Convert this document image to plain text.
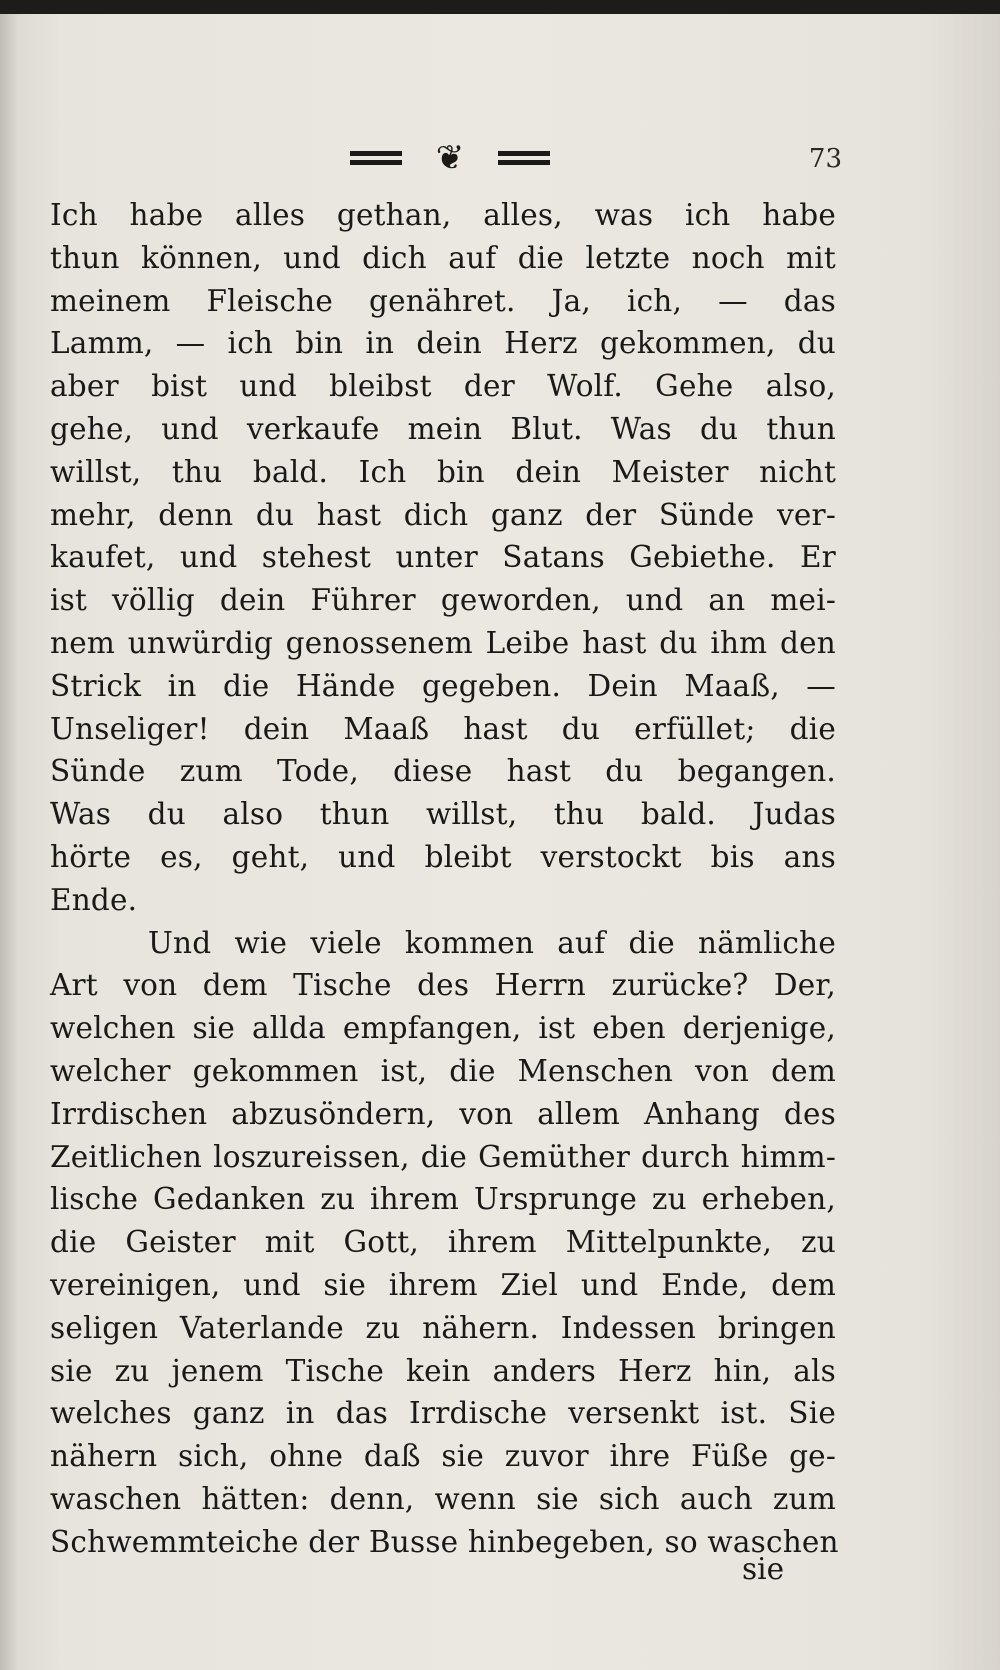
❦	73
Ich habe alles gethan, alles, was ich habe
thun können, und dich auf die letzte noch mit
meinem Fleische genähret. Ja, ich, — das
Lamm, — ich bin in dein Herz gekommen, du
aber bist und bleibst der Wolf. Gehe also,
gehe, und verkaufe mein Blut. Was du thun
willst, thu bald. Ich bin dein Meister nicht
mehr, denn du hast dich ganz der Sünde ver-
kaufet, und stehest unter Satans Gebiethe. Er
ist völlig dein Führer geworden, und an mei-
nem unwürdig genossenem Leibe hast du ihm den
Strick in die Hände gegeben. Dein Maaß, —
Unseliger! dein Maaß hast du erfüllet; die
Sünde zum Tode, diese hast du begangen.
Was du also thun willst, thu bald. Judas
hörte es, geht, und bleibt verstockt bis ans
Ende.
Und wie viele kommen auf die nämliche
Art von dem Tische des Herrn zurücke? Der,
welchen sie allda empfangen, ist eben derjenige,
welcher gekommen ist, die Menschen von dem
Irrdischen abzusöndern, von allem Anhang des
Zeitlichen loszureissen, die Gemüther durch himm-
lische Gedanken zu ihrem Ursprunge zu erheben,
die Geister mit Gott, ihrem Mittelpunkte, zu
vereinigen, und sie ihrem Ziel und Ende, dem
seligen Vaterlande zu nähern. Indessen bringen
sie zu jenem Tische kein anders Herz hin, als
welches ganz in das Irrdische versenkt ist. Sie
nähern sich, ohne daß sie zuvor ihre Füße ge-
waschen hätten: denn, wenn sie sich auch zum
Schwemmteiche der Busse hinbegeben, so waschen
sie
